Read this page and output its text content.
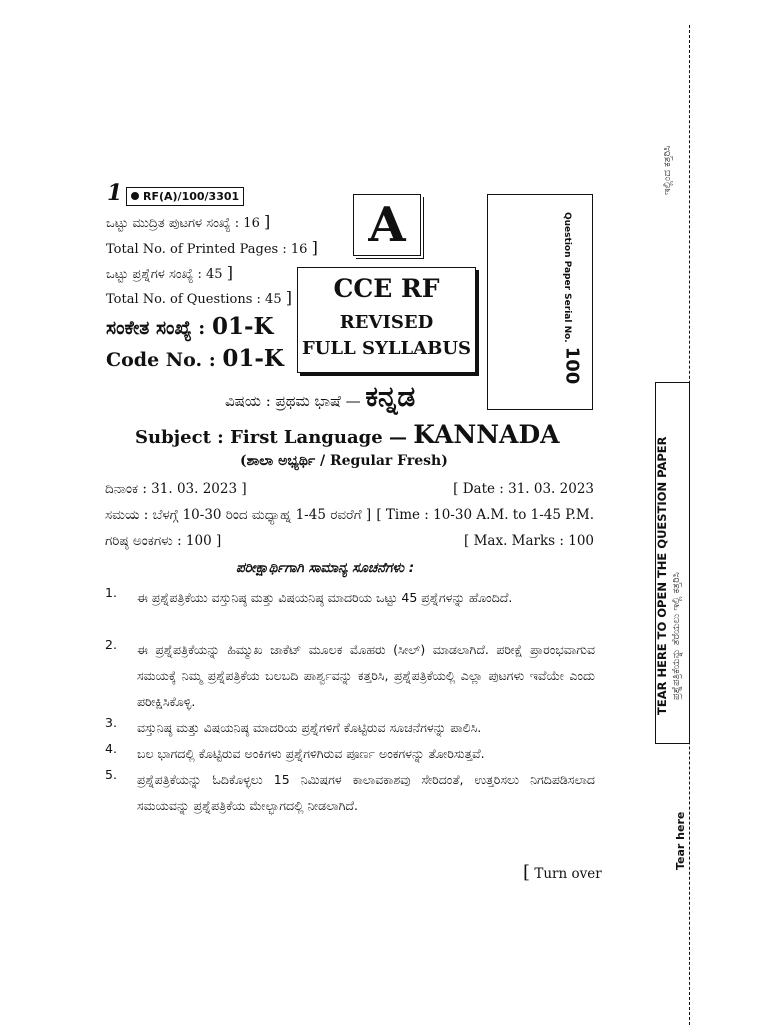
1	RF(A)/100/3301
ಒಟ್ಟು ಮುದ್ರಿತ ಪುಟಗಳ ಸಂಖ್ಯೆ : 16 ]
Total No. of Printed Pages : 16 ]
ಒಟ್ಟು ಪ್ರಶ್ನೆಗಳ ಸಂಖ್ಯೆ : 45 ]
Total No. of Questions : 45 ]
ಸಂಕೇತ ಸಂಖ್ಯೆ : 01-K
Code No. : 01-K
A
CCE RF
REVISED
FULL SYLLABUS
Question Paper Serial No.
100
ವಿಷಯ : ಪ್ರಥಮ ಭಾಷೆ — ಕನ್ನಡ
Subject : First Language — KANNADA
(ಶಾಲಾ ಅಭ್ಯರ್ಥಿ / Regular Fresh)
ದಿನಾಂಕ : 31. 03. 2023 ]	[ Date : 31. 03. 2023
ಸಮಯ : ಬೆಳಗ್ಗೆ 10-30 ರಿಂದ ಮಧ್ಯಾಹ್ನ 1-45 ರವರೆಗೆ ] [ Time : 10-30 A.M. to 1-45 P.M.
ಗರಿಷ್ಠ ಅಂಕಗಳು : 100 ]	[ Max. Marks : 100
ಪರೀಕ್ಷಾರ್ಥಿಗಾಗಿ ಸಾಮಾನ್ಯ ಸೂಚನೆಗಳು :
1. ಈ ಪ್ರಶ್ನೆಪತ್ರಿಕೆಯು ವಸ್ತುನಿಷ್ಠ ಮತ್ತು ವಿಷಯನಿಷ್ಠ ಮಾದರಿಯ ಒಟ್ಟು 45 ಪ್ರಶ್ನೆಗಳನ್ನು ಹೊಂದಿದೆ.
2. ಈ ಪ್ರಶ್ನೆಪತ್ರಿಕೆಯನ್ನು ಹಿಮ್ಮುಖ ಜಾಕೆಟ್ ಮೂಲಕ ಮೊಹರು (ಸೀಲ್) ಮಾಡಲಾಗಿದೆ. ಪರೀಕ್ಷೆ ಪ್ರಾರಂಭವಾಗುವ ಸಮಯಕ್ಕೆ ನಿಮ್ಮ ಪ್ರಶ್ನೆಪತ್ರಿಕೆಯ ಬಲಬದಿ ಪಾರ್ಶ್ವವನ್ನು ಕತ್ತರಿಸಿ, ಪ್ರಶ್ನೆಪತ್ರಿಕೆಯಲ್ಲಿ ಎಲ್ಲಾ ಪುಟಗಳು ಇವೆಯೇ ಎಂದು ಪರೀಕ್ಷಿಸಿಕೊಳ್ಳಿ.
3. ವಸ್ತುನಿಷ್ಠ ಮತ್ತು ವಿಷಯನಿಷ್ಠ ಮಾದರಿಯ ಪ್ರಶ್ನೆಗಳಿಗೆ ಕೊಟ್ಟಿರುವ ಸೂಚನೆಗಳನ್ನು ಪಾಲಿಸಿ.
4. ಬಲ ಭಾಗದಲ್ಲಿ ಕೊಟ್ಟಿರುವ ಅಂಕಿಗಳು ಪ್ರಶ್ನೆಗಳಿಗಿರುವ ಪೂರ್ಣ ಅಂಕಗಳನ್ನು ತೋರಿಸುತ್ತವೆ.
5. ಪ್ರಶ್ನೆಪತ್ರಿಕೆಯನ್ನು ಓದಿಕೊಳ್ಳಲು 15 ನಿಮಿಷಗಳ ಕಾಲಾವಕಾಶವು ಸೇರಿದಂತೆ, ಉತ್ತರಿಸಲು ನಿಗದಿಪಡಿಸಲಾದ ಸಮಯವನ್ನು ಪ್ರಶ್ನೆಪತ್ರಿಕೆಯ ಮೇಲ್ಭಾಗದಲ್ಲಿ ನೀಡಲಾಗಿದೆ.
[ Turn over
ಇಲ್ಲಿಂದ ಕತ್ತರಿಸಿ
TEAR HERE TO OPEN THE QUESTION PAPER ಪ್ರಶ್ನೆಪತ್ರಿಕೆಯನ್ನು ತೆರೆಯಲು ಇಲ್ಲಿ ಕತ್ತರಿಸಿ
Tear here
